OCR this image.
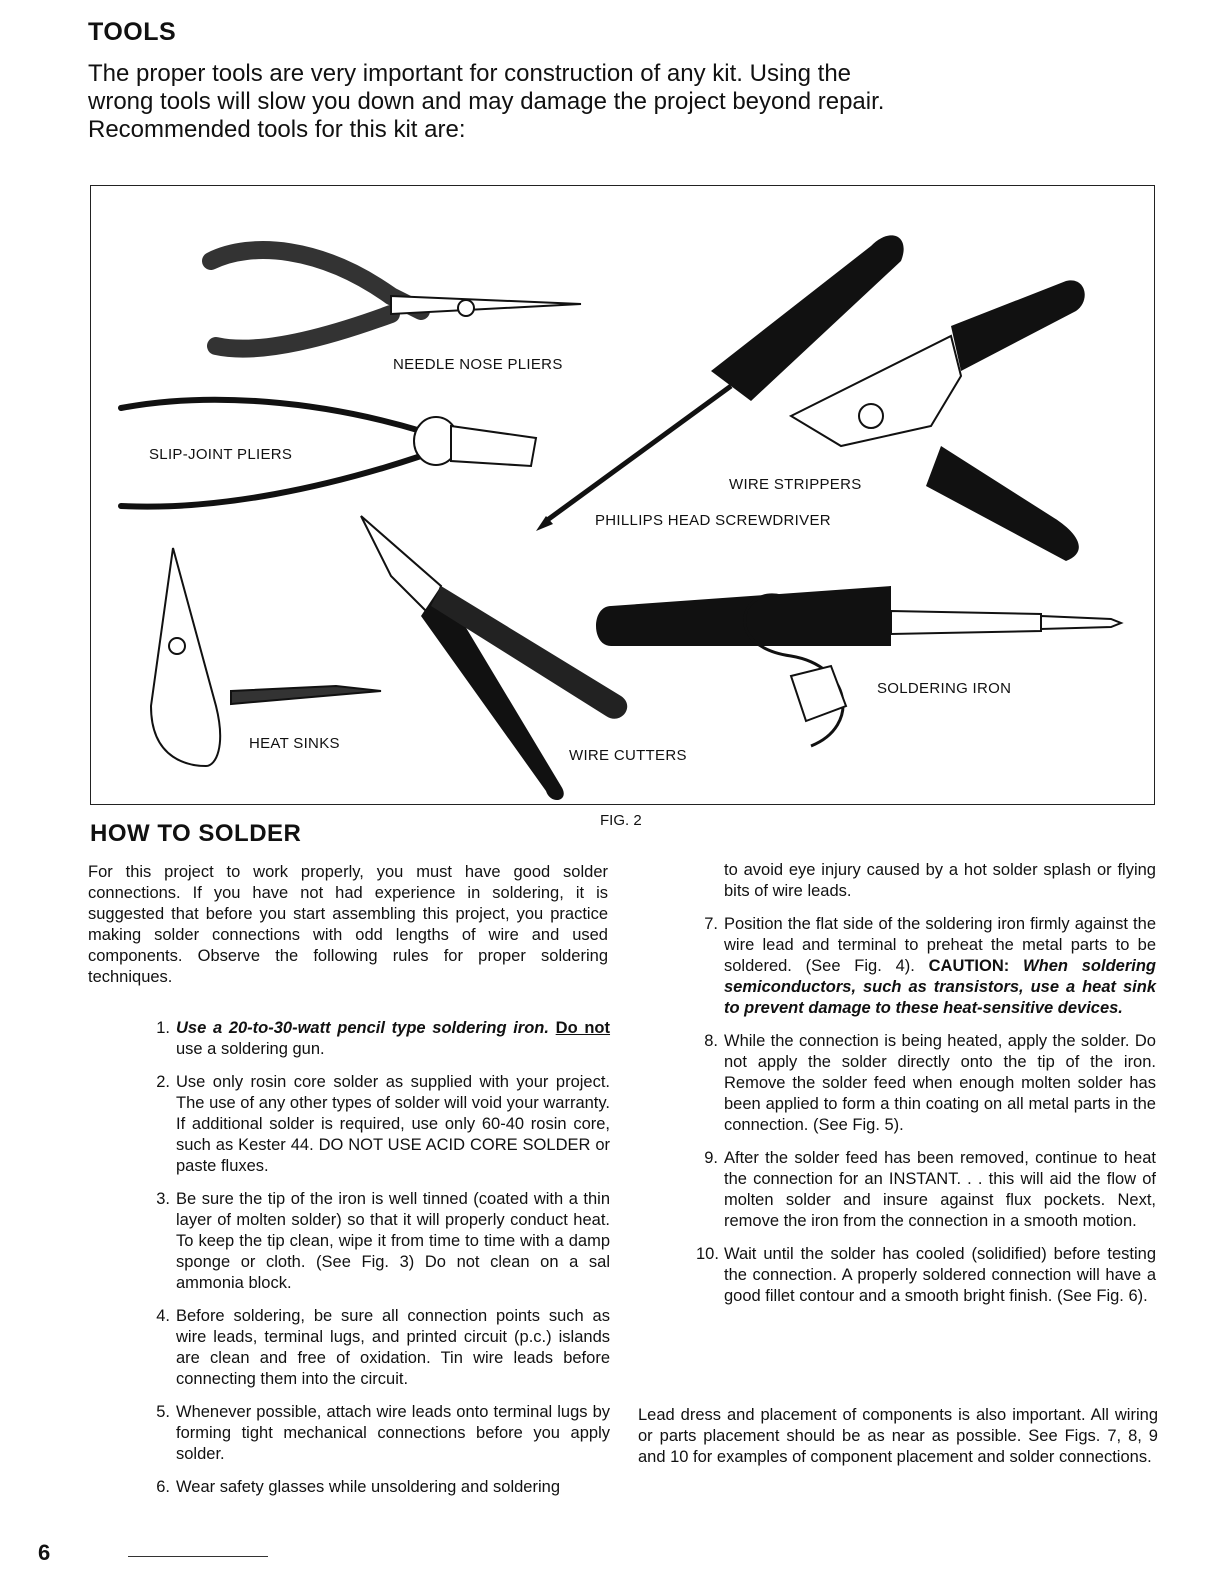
TOOLS
The proper tools are very important for construction of any kit. Using the wrong tools will slow you down and may damage the project beyond repair. Recommended tools for this kit are:
NEEDLE NOSE PLIERS
SLIP-JOINT PLIERS
WIRE STRIPPERS
PHILLIPS HEAD SCREWDRIVER
SOLDERING IRON
HEAT SINKS
WIRE CUTTERS
FIG. 2
HOW TO SOLDER
For this project to work properly, you must have good solder connections. If you have not had experience in soldering, it is suggested that before you start assembling this project, you practice making solder connections with odd lengths of wire and used components. Observe the following rules for proper soldering techniques.
1. Use a 20-to-30-watt pencil type soldering iron. Do not use a soldering gun.
2. Use only rosin core solder as supplied with your project. The use of any other types of solder will void your warranty. If additional solder is required, use only 60-40 rosin core, such as Kester 44. DO NOT USE ACID CORE SOLDER or paste fluxes.
3. Be sure the tip of the iron is well tinned (coated with a thin layer of molten solder) so that it will properly conduct heat. To keep the tip clean, wipe it from time to time with a damp sponge or cloth. (See Fig. 3) Do not clean on a sal ammonia block.
4. Before soldering, be sure all connection points such as wire leads, terminal lugs, and printed circuit (p.c.) islands are clean and free of oxidation. Tin wire leads before connecting them into the circuit.
5. Whenever possible, attach wire leads onto terminal lugs by forming tight mechanical connections before you apply solder.
6. Wear safety glasses while unsoldering and soldering
to avoid eye injury caused by a hot solder splash or flying bits of wire leads.
7. Position the flat side of the soldering iron firmly against the wire lead and terminal to preheat the metal parts to be soldered. (See Fig. 4). CAUTION: When soldering semiconductors, such as transistors, use a heat sink to prevent damage to these heat-sensitive devices.
8. While the connection is being heated, apply the solder. Do not apply the solder directly onto the tip of the iron. Remove the solder feed when enough molten solder has been applied to form a thin coating on all metal parts in the connection. (See Fig. 5).
9. After the solder feed has been removed, continue to heat the connection for an INSTANT. . . this will aid the flow of molten solder and insure against flux pockets. Next, remove the iron from the connection in a smooth motion.
10. Wait until the solder has cooled (solidified) before testing the connection. A properly soldered connection will have a good fillet contour and a smooth bright finish. (See Fig. 6).
Lead dress and placement of components is also important. All wiring or parts placement should be as near as possible. See Figs. 7, 8, 9 and 10 for examples of component placement and solder connections.
6
